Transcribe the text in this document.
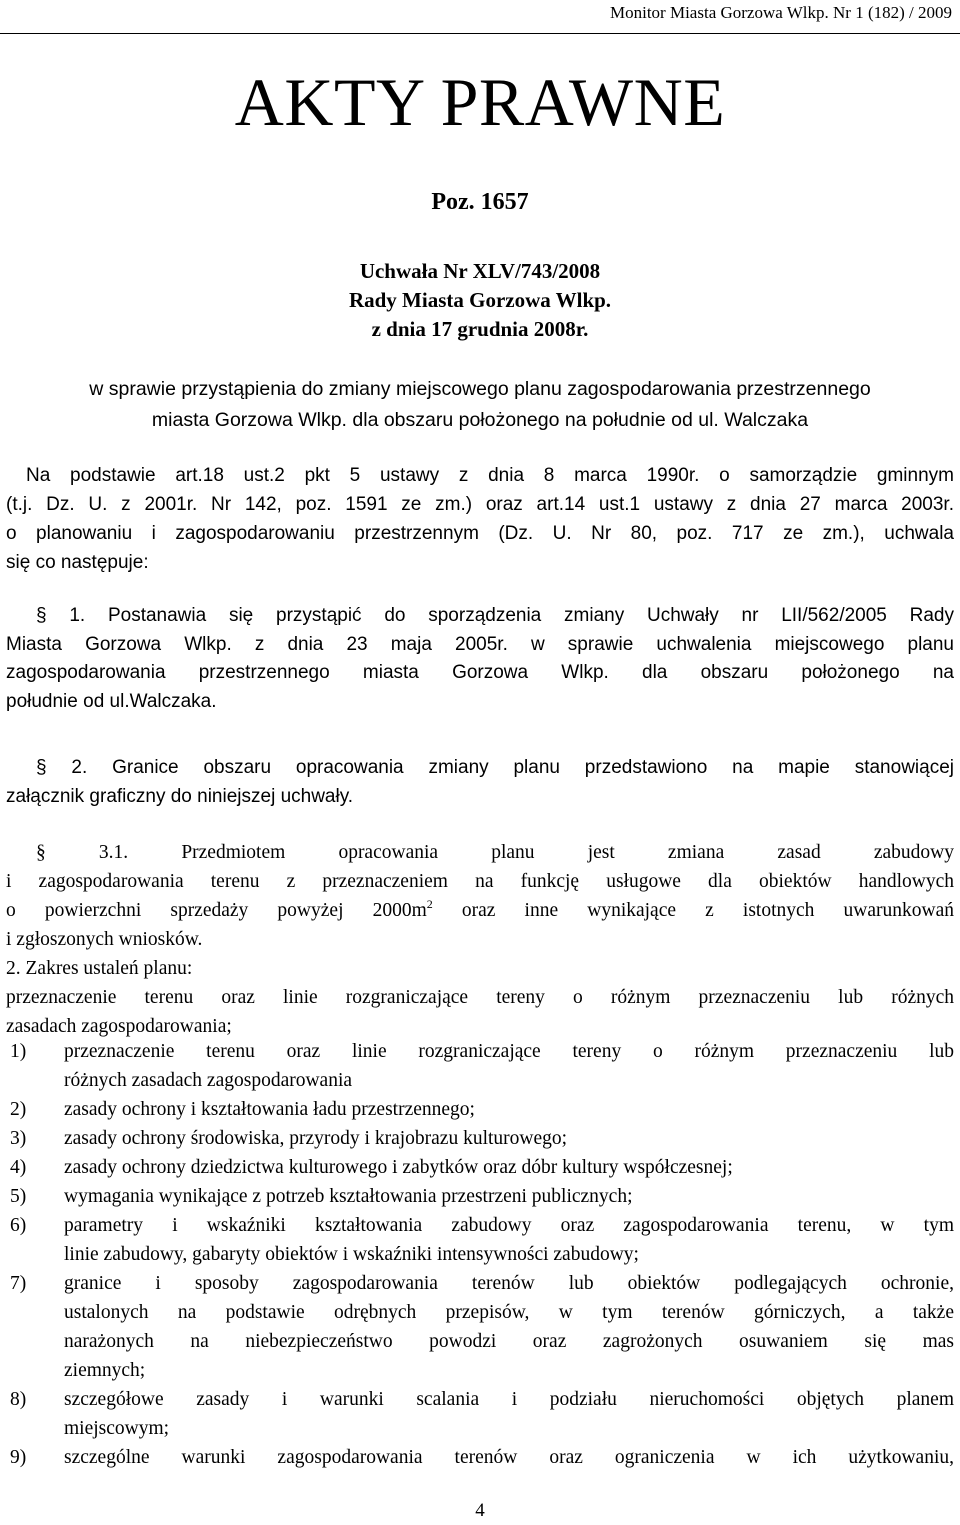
Monitor Miasta Gorzowa Wlkp. Nr 1 (182) / 2009
AKTY PRAWNE
Poz. 1657
Uchwała Nr XLV/743/2008
Rady Miasta Gorzowa Wlkp.
z dnia 17 grudnia 2008r.
w sprawie przystąpienia do zmiany miejscowego planu zagospodarowania przestrzennego
miasta Gorzowa Wlkp. dla obszaru położonego na południe od ul. Walczaka
Na podstawie art.18 ust.2 pkt 5 ustawy z dnia 8 marca 1990r. o samorządzie gminnym
(t.j. Dz. U. z 2001r. Nr 142, poz. 1591 ze zm.) oraz art.14 ust.1 ustawy z dnia 27 marca 2003r.
o planowaniu i zagospodarowaniu przestrzennym (Dz. U. Nr 80, poz. 717 ze zm.), uchwala
się co następuje:
§ 1. Postanawia się przystąpić do sporządzenia zmiany Uchwały nr LII/562/2005 Rady
Miasta Gorzowa Wlkp. z dnia 23 maja 2005r. w sprawie uchwalenia miejscowego planu
zagospodarowania przestrzennego miasta Gorzowa Wlkp. dla obszaru położonego na
południe od ul.Walczaka.
§ 2. Granice obszaru opracowania zmiany planu przedstawiono na mapie stanowiącej
załącznik graficzny do niniejszej uchwały.
§ 3.1. Przedmiotem opracowania planu jest zmiana zasad zabudowy
i zagospodarowania terenu z przeznaczeniem na funkcję usługowe dla obiektów handlowych
o powierzchni sprzedaży powyżej $2000m^2$ oraz inne wynikające z istotnych uwarunkowań
i zgłoszonych wniosków.
2. Zakres ustaleń planu:
przeznaczenie terenu oraz linie rozgraniczające tereny o różnym przeznaczeniu lub różnych
zasadach zagospodarowania;
1)	przeznaczenie terenu oraz linie rozgraniczające tereny o różnym przeznaczeniu lub
różnych zasadach zagospodarowania
2)	zasady ochrony i kształtowania ładu przestrzennego;
3)	zasady ochrony środowiska, przyrody i krajobrazu kulturowego;
4)	zasady ochrony dziedzictwa kulturowego i zabytków oraz dóbr kultury współczesnej;
5)	wymagania wynikające z potrzeb kształtowania przestrzeni publicznych;
6)	parametry i wskaźniki kształtowania zabudowy oraz zagospodarowania terenu, w tym
linie zabudowy, gabaryty obiektów i wskaźniki intensywności zabudowy;
7)	granice i sposoby zagospodarowania terenów lub obiektów podlegających ochronie,
ustalonych na podstawie odrębnych przepisów, w tym terenów górniczych, a także
narażonych na niebezpieczeństwo powodzi oraz zagrożonych osuwaniem się mas
ziemnych;
8)	szczegółowe zasady i warunki scalania i podziału nieruchomości objętych planem
miejscowym;
9)	szczególne warunki zagospodarowania terenów oraz ograniczenia w ich użytkowaniu,
4
